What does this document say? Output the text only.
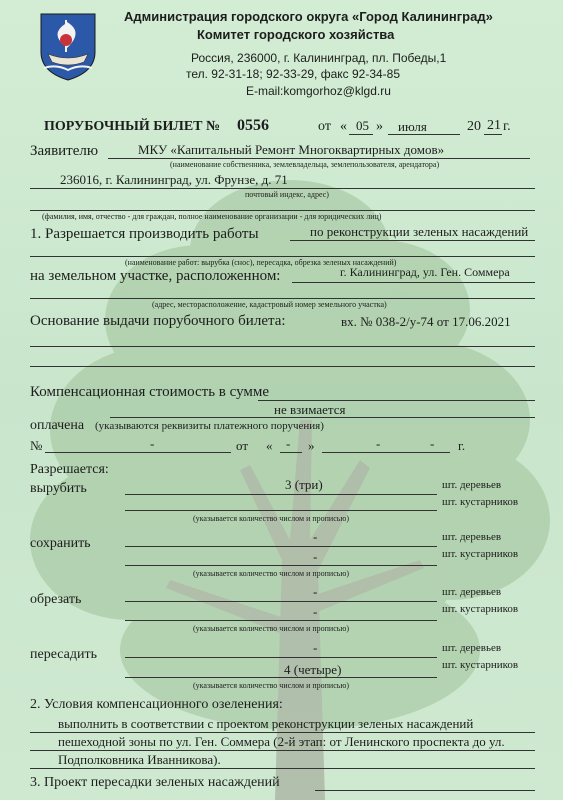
Администрация городского округа «Город Калининград»
Комитет городского хозяйства
Россия, 236000, г. Калининград, пл. Победы,1
тел. 92-31-18; 92-33-29, факс 92-34-85
E-mail:komgorhoz@klgd.ru
ПОРУБОЧНЫЙ БИЛЕТ № 0556	от « 05 » июля	20 21 г.
Заявителю	МКУ «Капитальный Ремонт Многоквартирных домов»
(наименование собственника, землевладельца, землепользователя, арендатора)
236016, г. Калининград, ул. Фрунзе, д. 71
почтовый индекс, адрес)
(фамилия, имя, отчество - для граждан, полное наименование организации - для юридических лиц)
1. Разрешается производить работы	по реконструкции зеленых насаждений
(наименование работ: вырубка (снос), пересадка, обрезка зеленых насаждений)
на земельном участке, расположенном:	г. Калининград, ул. Ген. Соммера
(адрес, месторасположение, кадастровый номер земельного участка)
Основание выдачи порубочного билета:	вх. № 038-2/у-74 от 17.06.2021
Компенсационная стоимость в сумме
не взимается
оплачена (указываются реквизиты платежного поручения)
№	-	от « - »	-	- г.
Разрешается:
вырубить	3 (три)	шт. деревьев
шт. кустарников
(указывается количество числом и прописью)
сохранить	-	шт. деревьев
-	шт. кустарников
(указывается количество числом и прописью)
обрезать
-	шт. деревьев
-	шт. кустарников
(указывается количество числом и прописью)
пересадить	-	шт. деревьев
4 (четыре)	шт. кустарников
(указывается количество числом и прописью)
2. Условия компенсационного озеленения:
выполнить в соответствии с проектом реконструкции зеленых насаждений
пешеходной зоны по ул. Ген. Соммера (2-й этап: от Ленинского проспекта до ул.
Подполковника Иванникова).
3. Проект пересадки зеленых насаждений
